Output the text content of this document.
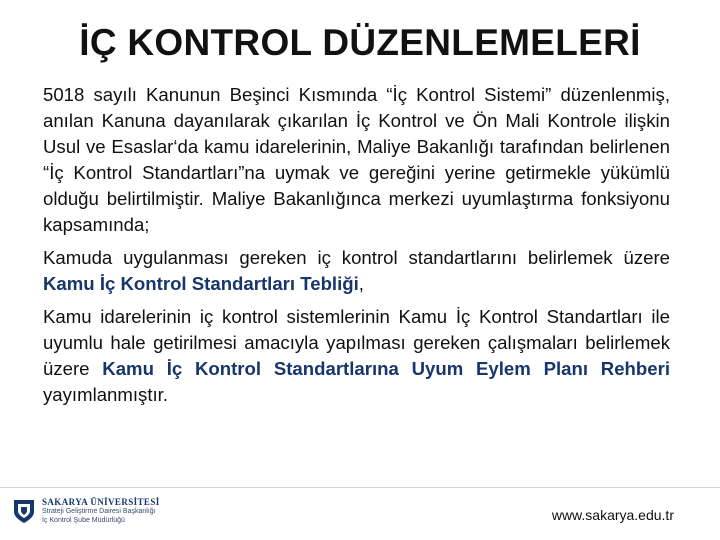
İÇ KONTROL DÜZENLEMELERİ

5018 sayılı Kanunun Beşinci Kısmında “İç Kontrol Sistemi” düzenlenmiş, anılan Kanuna dayanılarak çıkarılan İç Kontrol ve Ön Mali Kontrole ilişkin Usul ve Esaslar‘da kamu idarelerinin, Maliye Bakanlığı tarafından belirlenen “İç Kontrol Standartları”na uymak ve gereğini yerine getirmekle yükümlü olduğu belirtilmiştir. Maliye Bakanlığınca merkezi uyumlaştırma fonksiyonu kapsamında;

Kamuda uygulanması gereken iç kontrol standartlarını belirlemek üzere Kamu İç Kontrol Standartları Tebliği,

Kamu idarelerinin iç kontrol sistemlerinin Kamu İç Kontrol Standartları ile uyumlu hale getirilmesi amacıyla yapılması gereken çalışmaları belirlemek üzere Kamu İç Kontrol Standartlarına Uyum Eylem Planı Rehberi yayımlanmıştır.

SAKARYA ÜNİVERSİTESİ
Strateji Geliştirme Dairesi Başkanlığı
İç Kontrol Şube Müdürlüğü	www.sakarya.edu.tr
